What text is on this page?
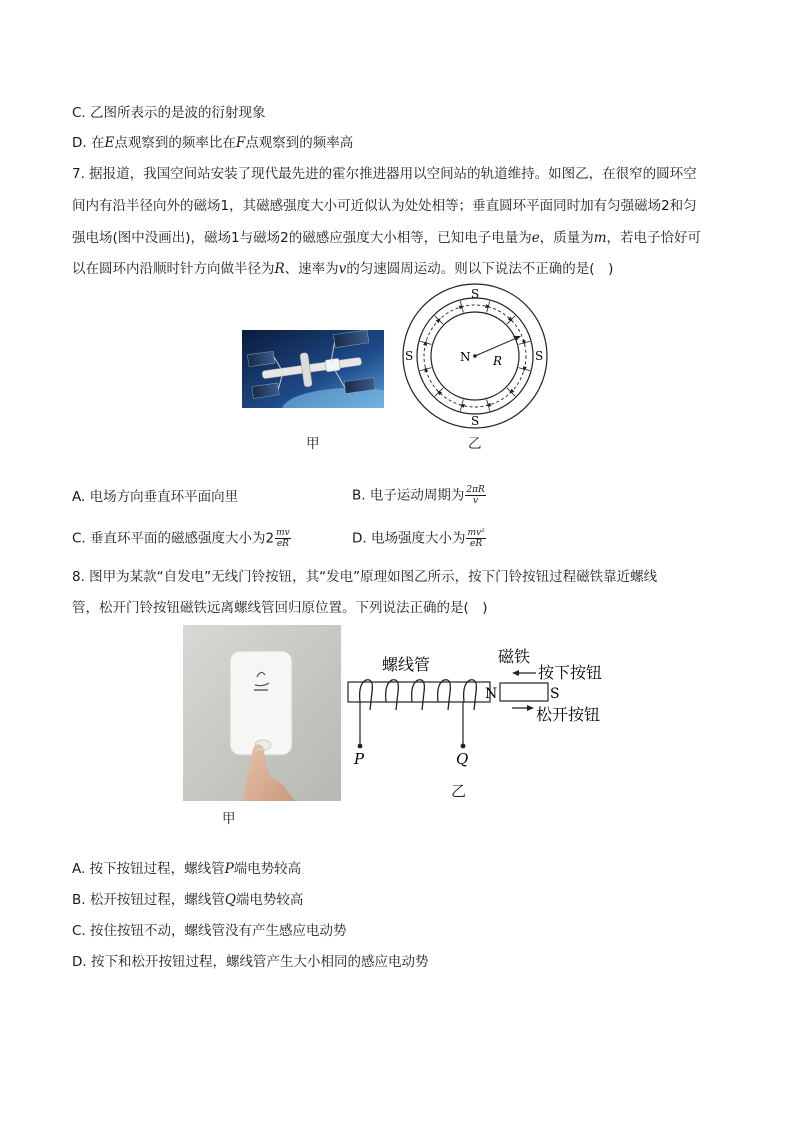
C. 乙图所表示的是波的衍射现象
D. 在E点观察到的频率比在F点观察到的频率高
7. 据报道，我国空间站安装了现代最先进的霍尔推进器用以空间站的轨道维持。如图乙，在很窄的圆环空
间内有沿半径向外的磁场1，其磁感强度大小可近似认为处处相等；垂直圆环平面同时加有匀强磁场2和匀
强电场(图中没画出)，磁场1与磁场2的磁感应强度大小相等，已知电子电量为e，质量为m，若电子恰好可
以在圆环内沿顺时针方向做半径为R、速率为v的匀速圆周运动。则以下说法不正确的是(　)
甲
N R
S
S	S
S
乙
A. 电场方向垂直环平面向里	B. 电子运动周期为 $\frac{2\pi R}{v}$
C. 垂直环平面的磁感强度大小为$2 \frac{mv}{eR}$	D. 电场强度大小为 $\frac{\text{mv²}}{eR}$
8. 图甲为某款“自发电”无线门铃按钮，其“发电”原理如图乙所示，按下门铃按钮过程磁铁靠近螺线
管，松开门铃按钮磁铁远离螺线管回归原位置。下列说法正确的是(　)
甲
P	Q
螺线管
N	S
磁铁
按下按钮
松开按钮
乙
A. 按下按钮过程，螺线管P端电势较高
B. 松开按钮过程，螺线管Q端电势较高
C. 按住按钮不动，螺线管没有产生感应电动势
D. 按下和松开按钮过程，螺线管产生大小相同的感应电动势
